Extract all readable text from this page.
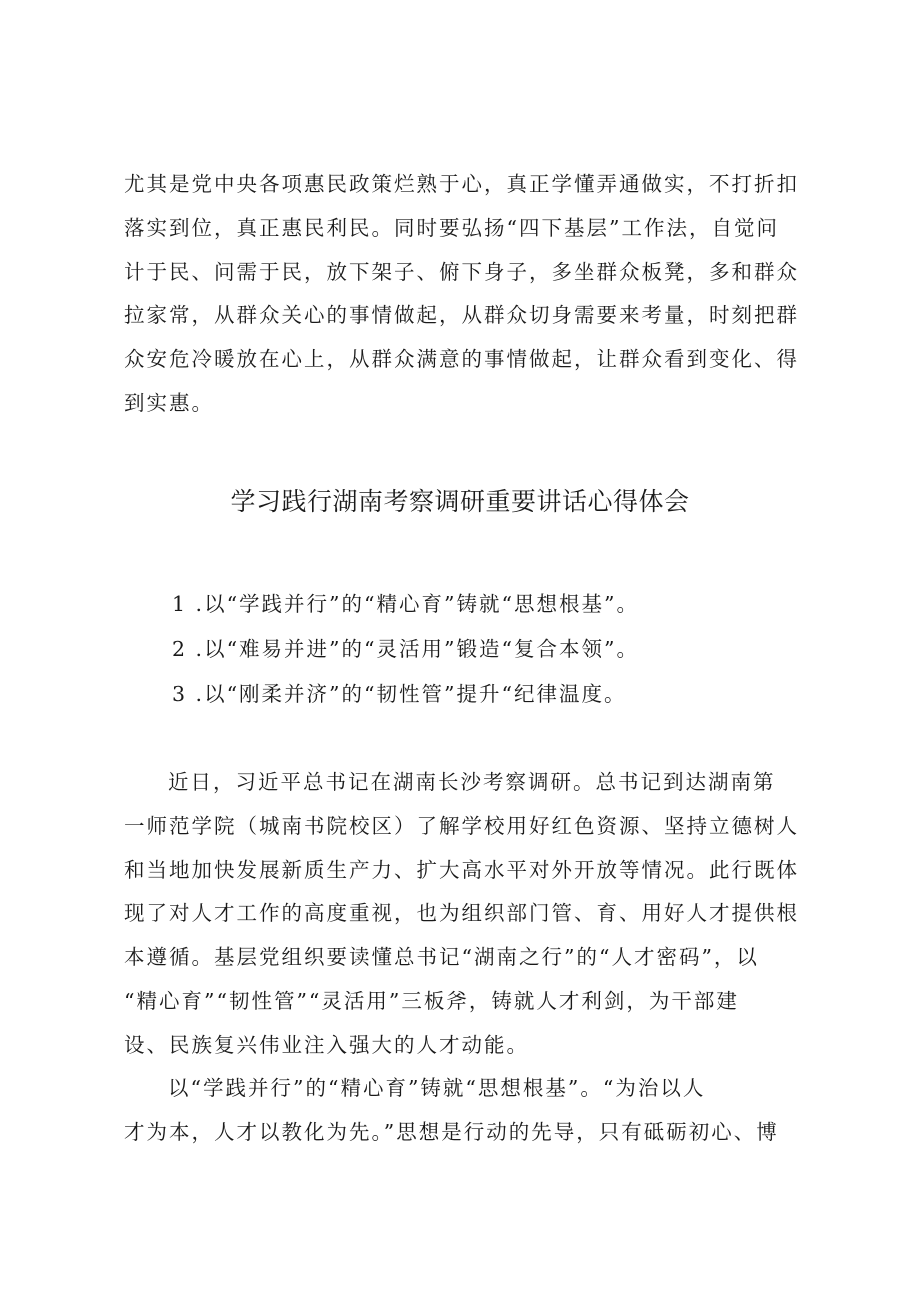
尤其是党中央各项惠民政策烂熟于心，真正学懂弄通做实，不打折扣
落实到位，真正惠民利民。同时要弘扬“四下基层”工作法，自觉问
计于民、问需于民，放下架子、俯下身子，多坐群众板凳，多和群众
拉家常，从群众关心的事情做起，从群众切身需要来考量，时刻把群
众安危冷暖放在心上，从群众满意的事情做起，让群众看到变化、得
到实惠。
学习践行湖南考察调研重要讲话心得体会
1 .以“学践并行”的“精心育”铸就“思想根基”。
2 .以“难易并进”的“灵活用”锻造“复合本领”。
3 .以“刚柔并济”的“韧性管”提升“纪律温度。
近日，习近平总书记在湖南长沙考察调研。总书记到达湖南第
一师范学院（城南书院校区）了解学校用好红色资源、坚持立德树人
和当地加快发展新质生产力、扩大高水平对外开放等情况。此行既体
现了对人才工作的高度重视，也为组织部门管、育、用好人才提供根
本遵循。基层党组织要读懂总书记“湖南之行”的“人才密码”，以
“精心育”“韧性管”“灵活用”三板斧，铸就人才利剑，为干部建
设、民族复兴伟业注入强大的人才动能。
以“学践并行”的“精心育”铸就“思想根基”。“为治以人
才为本，人才以教化为先。”思想是行动的先导，只有砥砺初心、博
